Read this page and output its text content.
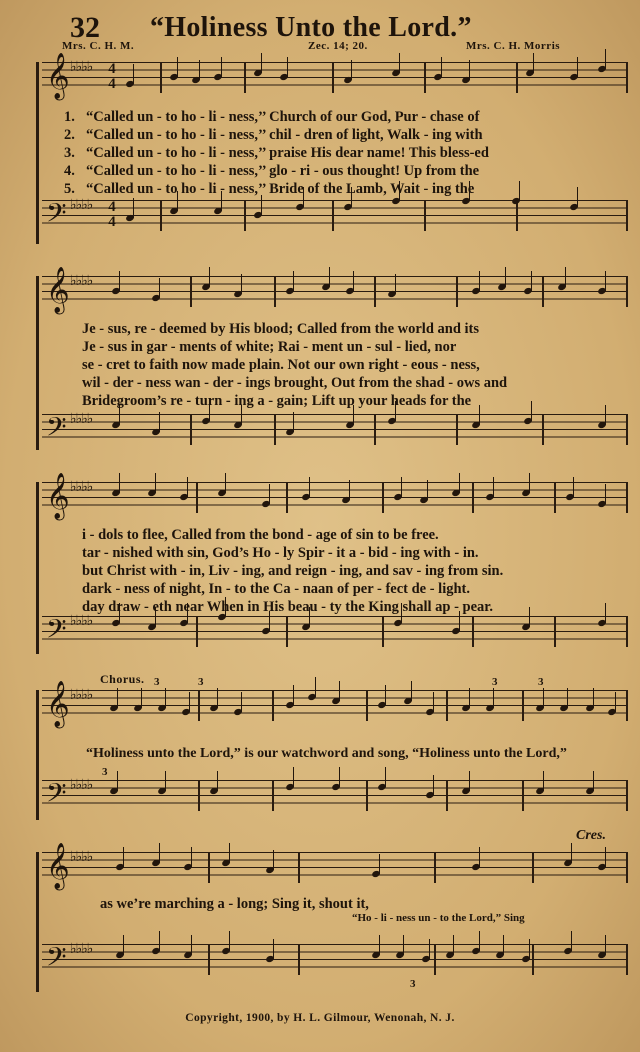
32 “Holiness Unto the Lord.”
Mrs. C. H. M.	Zec. 14; 20.	Mrs. C. H. Morris
𝄞 ♭♭♭♭ 4
4
𝄢 ♭♭♭♭ 4
4
1. “Called un - to ho - li - ness,’’ Church of our God, Pur - chase of
2. “Called un - to ho - li - ness,’’ chil - dren of light, Walk - ing with
3. “Called un - to ho - li - ness,’’ praise His dear name! This bless-ed
4. “Called un - to ho - li - ness,’’ glo - ri - ous thought! Up from the
5. “Called un - to ho - li - ness,’’ Bride of the Lamb, Wait - ing the
𝄞 ♭♭♭♭
𝄢 ♭♭♭♭
Je - sus, re - deemed by His blood; Called from the world and its
Je - sus in gar - ments of white; Rai - ment un - sul - lied, nor
se - cret to faith now made plain. Not our own right - eous - ness,
wil - der - ness wan - der - ings brought, Out from the shad - ows and
Bridegroom’s re - turn - ing a - gain; Lift up your heads for the
𝄞 ♭♭♭♭
𝄢 ♭♭♭♭
i - dols to flee, Called from the bond - age of sin to be free.
tar - nished with sin, God’s Ho - ly Spir - it a - bid - ing with - in.
but Christ with - in, Liv - ing, and reign - ing, and sav - ing from sin.
dark - ness of night, In - to the Ca - naan of per - fect de - light.
day draw - eth near When in His beau - ty the King shall ap - pear.
Chorus.
𝄞 ♭♭♭♭
3	3	3	3
“Holiness unto the Lord,” is our watchword and song, “Holiness unto the Lord,”
3
𝄢 ♭♭♭♭
Cres.
𝄞 ♭♭♭♭
as we’re marching a - long; Sing it, shout it,
“Ho - li - ness un - to the Lord,” Sing
𝄢 ♭♭♭♭
3
Copyright, 1900, by H. L. Gilmour, Wenonah, N. J.
